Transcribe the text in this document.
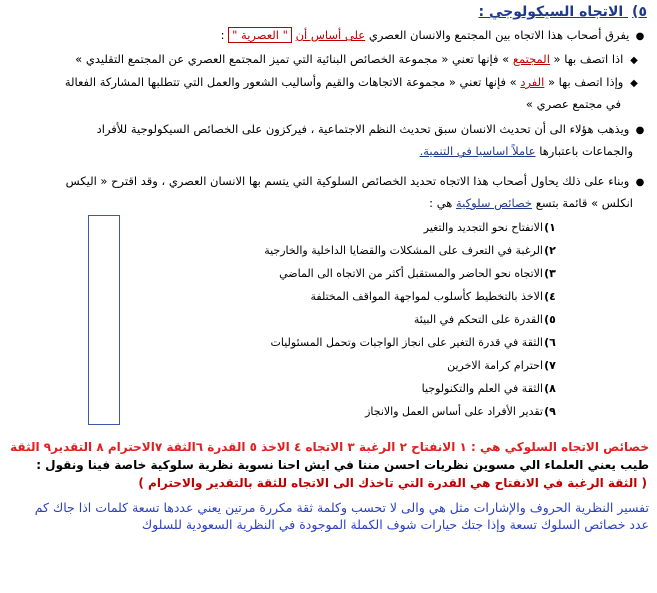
٥) الاتجاه السيكولوجي :
● يفرق أصحاب هذا الاتجاه بين المجتمع والانسان العصري على أساس أن " العصرية " :
◆ اذا اتصف بها « المجتمع » فإنها تعني « مجموعة الخصائص البنائية التي تميز المجتمع العصري عن المجتمع التقليدي »
◆ وإذا اتصف بها « الفرد » فإنها تعني « مجموعة الاتجاهات والقيم وأساليب الشعور والعمل التي تتطلبها المشاركة الفعالة
في مجتمع عصري »
● ويذهب هؤلاء الى أن تحديث الانسان سبق تحديث النظم الاجتماعية ، فيركزون على الخصائص السيكولوجية للأفراد
والجماعات باعتبارها عاملاً اساسيا في التنمية.
● وبناء على ذلك يحاول أصحاب هذا الاتجاه تحديد الخصائص السلوكية التي يتسم بها الانسان العصري ، وقد اقترح « اليكس
انكلس » قائمة بتسع خصائص سلوكية هي :
١)الانفتاح نحو التجديد والتغير
٢)الرغبة في التعرف على المشكلات والقضايا الداخلية والخارجية
٣)الاتجاه نحو الحاضر والمستقبل أكثر من الاتجاه الى الماضي
٤)الاخذ بالتخطيط كأسلوب لمواجهة المواقف المختلفة
٥)القدرة على التحكم في البيئة
٦)الثقة في قدرة التغير على انجاز الواجبات وتحمل المسئوليات
٧)احترام كرامة الاخرين
٨)الثقة في العلم والتكنولوجيا
٩)تقدير الأفراد على أساس العمل والانجاز
خصائص الاتجاه السلوكي هي : ١ الانفتاح ٢ الرغبة ٣ الاتجاه ٤ الاخذ ٥ القدرة ٦الثقة ٧الاحترام ٨ التقدير٩ الثقة
طيب يعني العلماء الي مسوين نظريات احسن مننا في ايش احنا نسوية نظرية سلوكية خاصة فينا ونقول :
( الثقة الرغبة في الانفتاح هي القدرة التي تاخذك الى الاتجاه للثقة بالتقدير والاحترام )
تفسير النظرية الحروف والإشارات مثل هي والى لا تحسب وكلمة ثقة مكررة مرتين يعني عددها تسعة كلمات اذا جاك كم
عدد خصائص السلوك تسعة وإذا جتك حيارات شوف الكملة الموجودة في النظرية السعودية للسلوك
